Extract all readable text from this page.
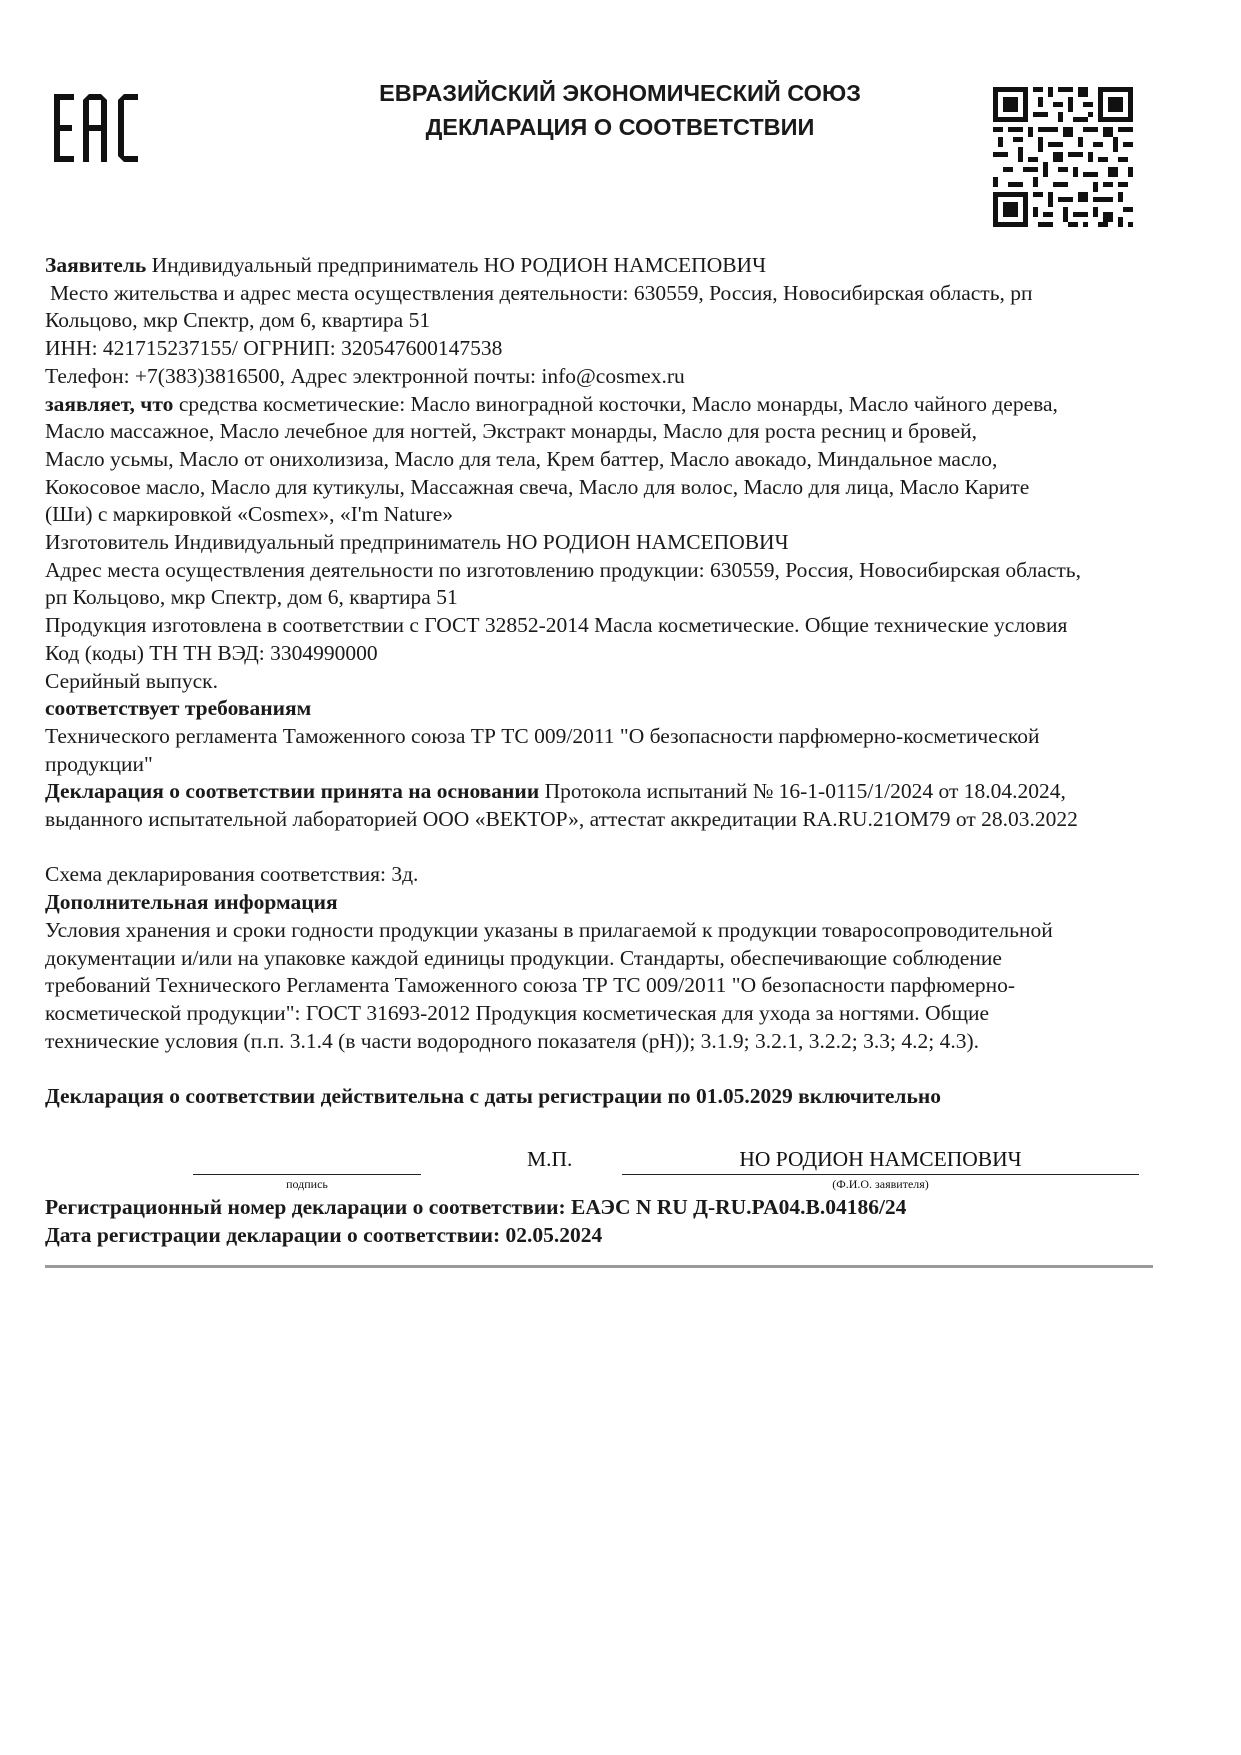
ЕВРАЗИЙСКИЙ ЭКОНОМИЧЕСКИЙ СОЮЗ
ДЕКЛАРАЦИЯ О СООТВЕТСТВИИ

Заявитель Индивидуальный предприниматель НО РОДИОН НАМСЕПОВИЧ

Место жительства и адрес места осуществления деятельности: 630559, Россия, Новосибирская область, рп

Кольцово, мкр Спектр, дом 6, квартира 51

ИНН: 421715237155/ ОГРНИП: 320547600147538

Телефон: +7(383)3816500, Адрес электронной почты: info@cosmex.ru

заявляет, что средства косметические: Масло виноградной косточки, Масло монарды, Масло чайного дерева,

Масло массажное, Масло лечебное для ногтей, Экстракт монарды, Масло для роста ресниц и бровей,

Масло усьмы, Масло от онихолизиза, Масло для тела, Крем баттер, Масло авокадо, Миндальное масло,

Кокосовое масло, Масло для кутикулы, Массажная свеча, Масло для волос, Масло для лица, Масло Карите

(Ши) с маркировкой «Cosmex», «I'm Nature»

Изготовитель Индивидуальный предприниматель НО РОДИОН НАМСЕПОВИЧ

Адрес места осуществления деятельности по изготовлению продукции: 630559, Россия, Новосибирская область,

рп Кольцово, мкр Спектр, дом 6, квартира 51

Продукция изготовлена в соответствии с ГОСТ 32852-2014 Масла косметические. Общие технические условия

Код (коды) ТН ТН ВЭД: 3304990000

Серийный выпуск.

соответствует требованиям

Технического регламента Таможенного союза ТР ТС 009/2011 "О безопасности парфюмерно-косметической

продукции"

Декларация о соответствии принята на основании Протокола испытаний № 16-1-0115/1/2024 от 18.04.2024,

выданного испытательной лабораторией ООО «ВЕКТОР», аттестат аккредитации RA.RU.21OM79 от 28.03.2022

Схема декларирования соответствия: 3д.

Дополнительная информация

Условия хранения и сроки годности продукции указаны в прилагаемой к продукции товаросопроводительной

документации и/или на упаковке каждой единицы продукции. Стандарты, обеспечивающие соблюдение

требований Технического Регламента Таможенного союза ТР ТС 009/2011 "О безопасности парфюмерно-

косметической продукции": ГОСТ 31693-2012 Продукция косметическая для ухода за ногтями. Общие

технические условия (п.п. 3.1.4 (в части водородного показателя (pH)); 3.1.9; 3.2.1, 3.2.2; 3.3; 4.2; 4.3).

Декларация о соответствии действительна с даты регистрации по 01.05.2029 включительно

М.П.	НО РОДИОН НАМСЕПОВИЧ
подпись	(Ф.И.О. заявителя)
Регистрационный номер декларации о соответствии: ЕАЭС N RU Д-RU.PA04.B.04186/24
Дата регистрации декларации о соответствии: 02.05.2024
